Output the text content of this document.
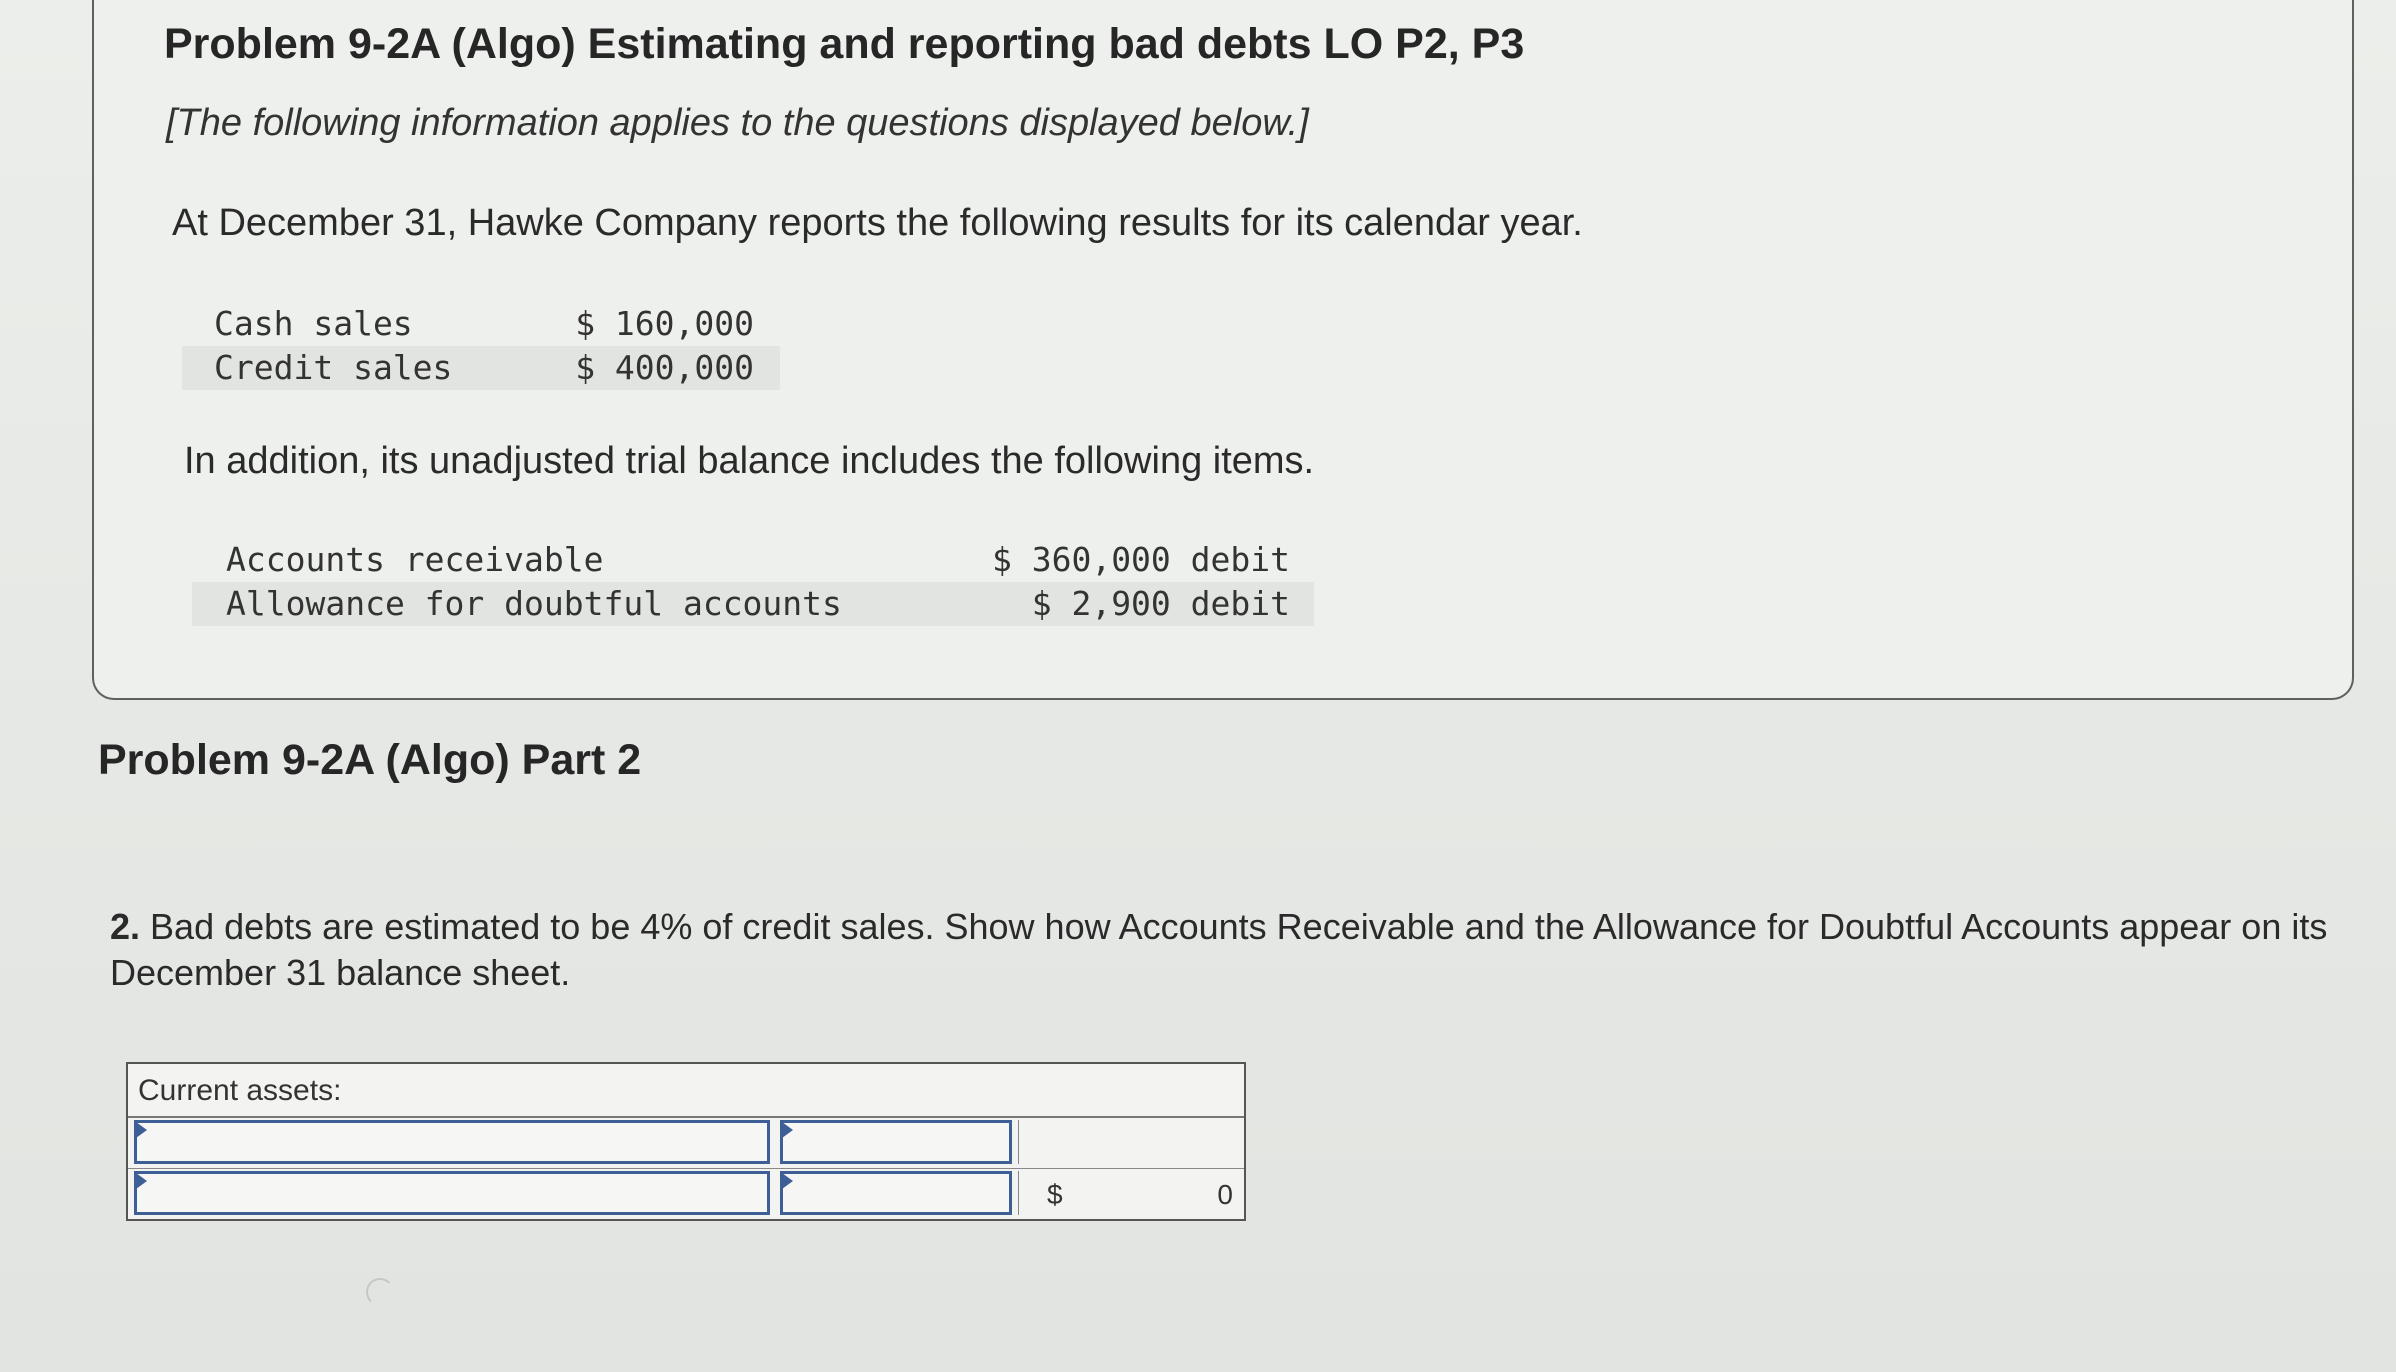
Problem 9-2A (Algo) Estimating and reporting bad debts LO P2, P3
[The following information applies to the questions displayed below.]
At December 31, Hawke Company reports the following results for its calendar year.
Cash sales	$ 160,000
Credit sales	$ 400,000
In addition, its unadjusted trial balance includes the following items.
Accounts receivable	$ 360,000 debit
Allowance for doubtful accounts	$ 2,900 debit
Problem 9-2A (Algo) Part 2
2. Bad debts are estimated to be 4% of credit sales. Show how Accounts Receivable and the Allowance for Doubtful Accounts appear on its December 31 balance sheet.
Current assets:
$	0
